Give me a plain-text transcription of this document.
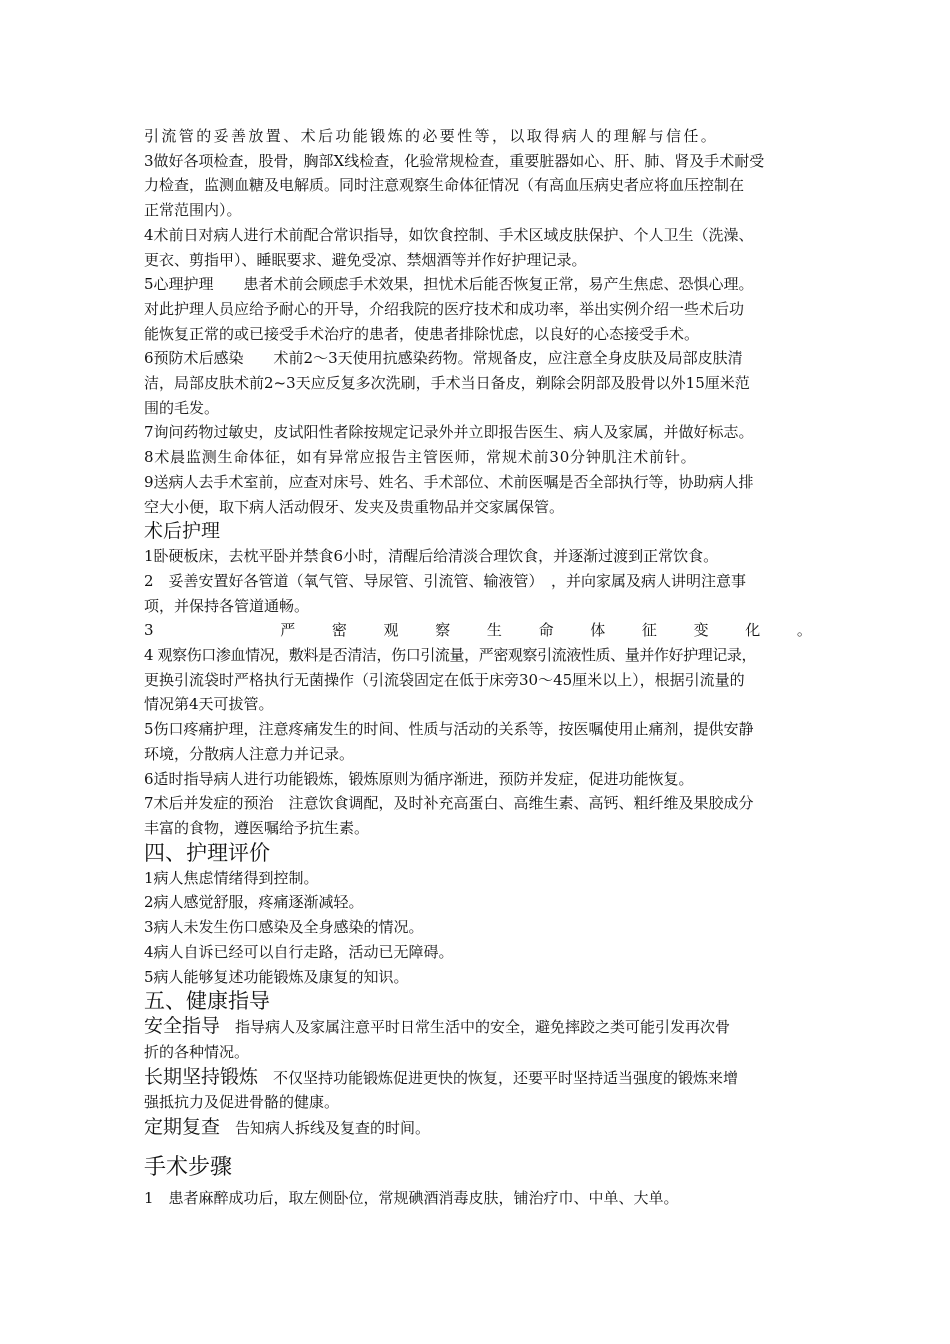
引流管的妥善放置、术后功能锻炼的必要性等，以取得病人的理解与信任。

3做好各项检查，股骨，胸部X线检查，化验常规检查，重要脏器如心、肝、肺、肾及手术耐受

力检查，监测血糖及电解质。同时注意观察生命体征情况（有高血压病史者应将血压控制在

正常范围内）。

4术前日对病人进行术前配合常识指导，如饮食控制、手术区域皮肤保护、个人卫生（洗澡、

更衣、剪指甲）、睡眠要求、避免受凉、禁烟酒等并作好护理记录。

5心理护理　　患者术前会顾虑手术效果，担忧术后能否恢复正常，易产生焦虑、恐惧心理。

对此护理人员应给予耐心的开导，介绍我院的医疗技术和成功率，举出实例介绍一些术后功

能恢复正常的或已接受手术治疗的患者，使患者排除忧虑，以良好的心态接受手术。

6预防术后感染　　术前2～3天使用抗感染药物。常规备皮，应注意全身皮肤及局部皮肤清

洁，局部皮肤术前2~3天应反复多次洗刷，手术当日备皮，剃除会阴部及股骨以外15厘米范

围的毛发。

7询问药物过敏史，皮试阳性者除按规定记录外并立即报告医生、病人及家属，并做好标志。

8术晨监测生命体征，如有异常应报告主管医师，常规术前30分钟肌注术前针。

9送病人去手术室前，应查对床号、姓名、手术部位、术前医嘱是否全部执行等，协助病人排

空大小便，取下病人活动假牙、发夹及贵重物品并交家属保管。

术后护理

1卧硬板床，去枕平卧并禁食6小时，清醒后给清淡合理饮食，并逐渐过渡到正常饮食。

2　妥善安置好各管道（氧气管、导尿管、引流管、输液管）　，并向家属及病人讲明注意事

项，并保持各管道通畅。

3	严 密 观 察 生 命 体 征 变 化 。

4 观察伤口渗血情况，敷料是否清洁，伤口引流量，严密观察引流液性质、量并作好护理记录，

更换引流袋时严格执行无菌操作（引流袋固定在低于床旁30～45厘米以上），根据引流量的

情况第4天可拔管。

5伤口疼痛护理，注意疼痛发生的时间、性质与活动的关系等，按医嘱使用止痛剂，提供安静

环境，分散病人注意力并记录。

6适时指导病人进行功能锻炼，锻炼原则为循序渐进，预防并发症，促进功能恢复。

7术后并发症的预治　注意饮食调配，及时补充高蛋白、高维生素、高钙、粗纤维及果胶成分

丰富的食物，遵医嘱给予抗生素。

四、护理评价

1病人焦虑情绪得到控制。

2病人感觉舒服，疼痛逐渐减轻。

3病人未发生伤口感染及全身感染的情况。

4病人自诉已经可以自行走路，活动已无障碍。

5病人能够复述功能锻炼及康复的知识。

五、健康指导

安全指导　指导病人及家属注意平时日常生活中的安全，避免摔跤之类可能引发再次骨

折的各种情况。

长期坚持锻炼　不仅坚持功能锻炼促进更快的恢复，还要平时坚持适当强度的锻炼来增

强抵抗力及促进骨骼的健康。

定期复查　告知病人拆线及复查的时间。

手术步骤

1　患者麻醉成功后，取左侧卧位，常规碘酒消毒皮肤，铺治疗巾、中单、大单。
